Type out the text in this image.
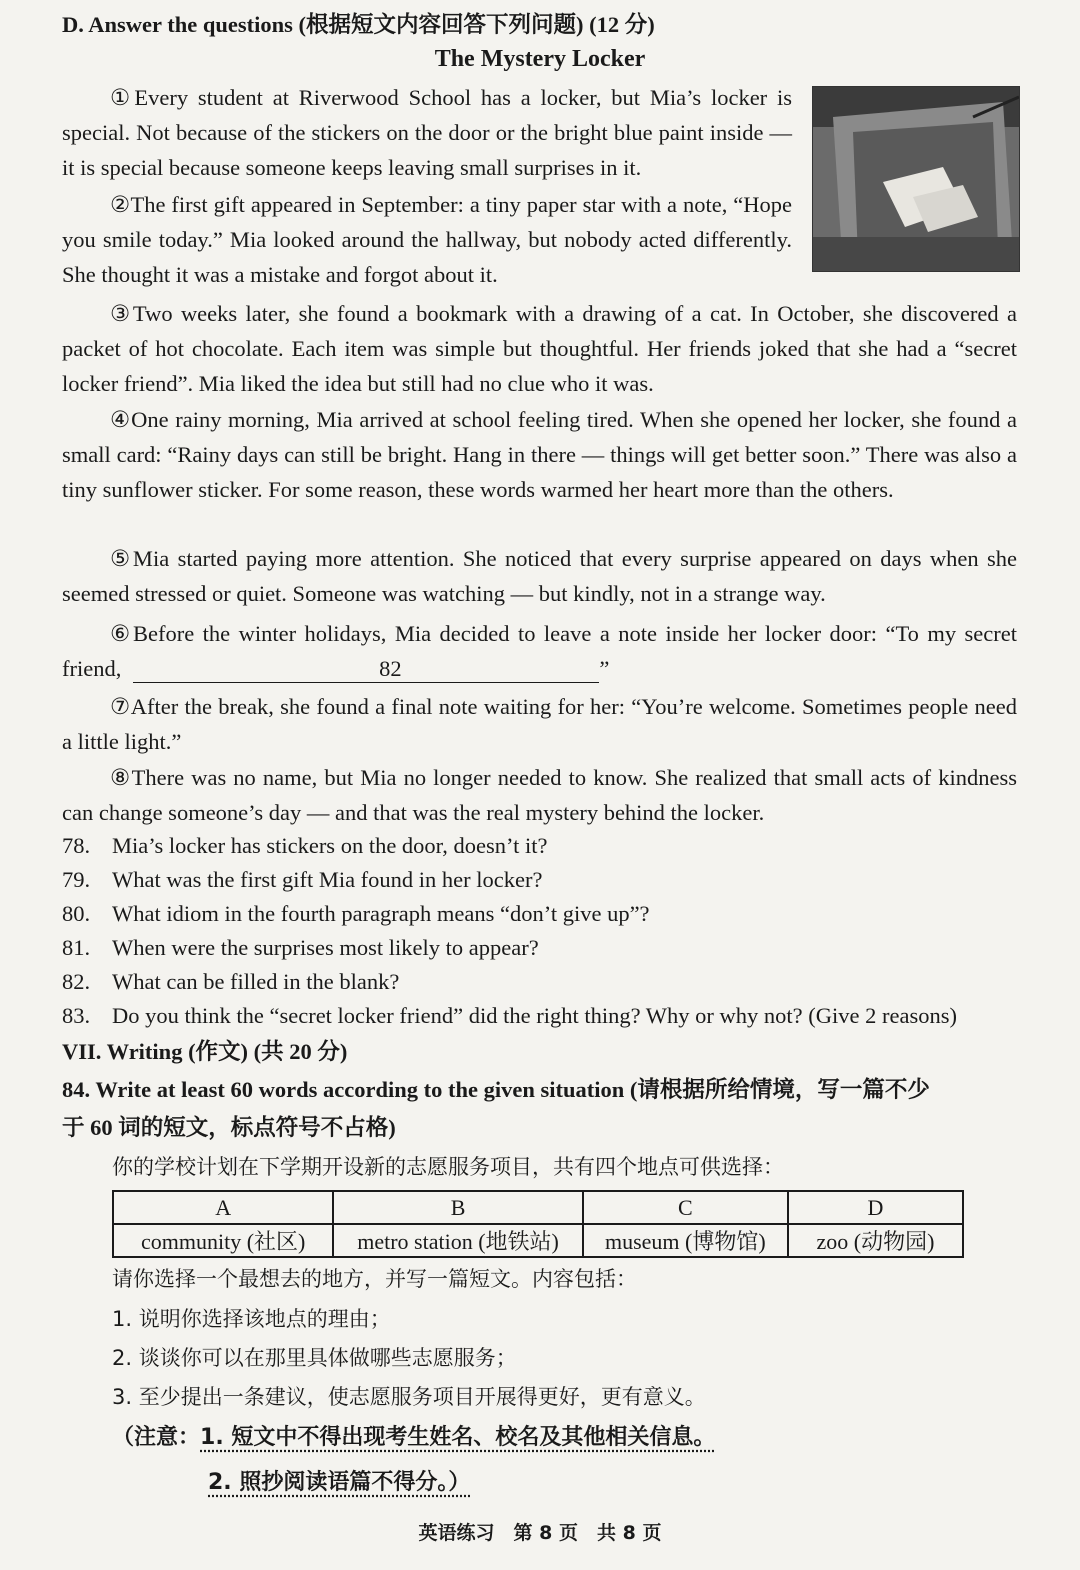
D. Answer the questions (根据短文内容回答下列问题) (12 分)
The Mystery Locker
①Every student at Riverwood School has a locker, but Mia’s locker is special. Not because of the stickers on the door or the bright blue paint inside — it is special because someone keeps leaving small surprises in it.
②The first gift appeared in September: a tiny paper star with a note, “Hope you smile today.” Mia looked around the hallway, but nobody acted differently. She thought it was a mistake and forgot about it.
③Two weeks later, she found a bookmark with a drawing of a cat. In October, she discovered a packet of hot chocolate. Each item was simple but thoughtful. Her friends joked that she had a “secret locker friend”. Mia liked the idea but still had no clue who it was.
④One rainy morning, Mia arrived at school feeling tired. When she opened her locker, she found a small card: “Rainy days can still be bright. Hang in there — things will get better soon.” There was also a tiny sunflower sticker. For some reason, these words warmed her heart more than the others.
⑤Mia started paying more attention. She noticed that every surprise appeared on days when she seemed stressed or quiet. Someone was watching — but kindly, not in a strange way.
⑥Before the winter holidays, Mia decided to leave a note inside her locker door: “To my secret friend,	82	”
⑦After the break, she found a final note waiting for her: “You’re welcome. Sometimes people need a little light.”
⑧There was no name, but Mia no longer needed to know. She realized that small acts of kindness can change someone’s day — and that was the real mystery behind the locker.
78. Mia’s locker has stickers on the door, doesn’t it?
79. What was the first gift Mia found in her locker?
80. What idiom in the fourth paragraph means “don’t give up”?
81. When were the surprises most likely to appear?
82. What can be filled in the blank?
83. Do you think the “secret locker friend” did the right thing? Why or why not? (Give 2 reasons)
VII. Writing (作文) (共 20 分)
84. Write at least 60 words according to the given situation (请根据所给情境，写一篇不少
于 60 词的短文，标点符号不占格)
你的学校计划在下学期开设新的志愿服务项目，共有四个地点可供选择：
A	B	C	D
community (社区)	metro station (地铁站)	museum (博物馆)	zoo (动物园)
请你选择一个最想去的地方，并写一篇短文。内容包括：
1. 说明你选择该地点的理由；
2. 谈谈你可以在那里具体做哪些志愿服务；
3. 至少提出一条建议，使志愿服务项目开展得更好，更有意义。
（注意：1. 短文中不得出现考生姓名、校名及其他相关信息。
2. 照抄阅读语篇不得分。）
英语练习　第 8 页　共 8 页
